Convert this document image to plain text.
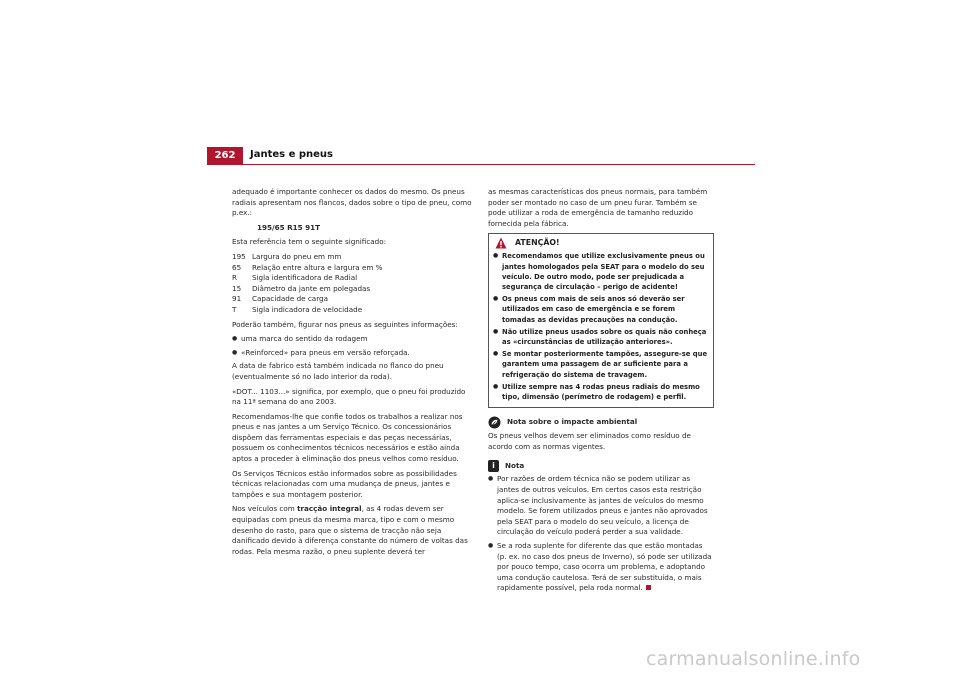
262	Jantes e pneus

adequado é importante conhecer os dados do mesmo. Os pneus radiais apresentam nos flancos, dados sobre o tipo de pneu, como p.ex.:

195/65 R15 91T

Esta referência tem o seguinte significado:

195 Largura do pneu em mm
65	Relação entre altura e largura em %
R	Sigla identificadora de Radial
15	Diâmetro da jante em polegadas
91	Capacidade de carga
T	Sigla indicadora de velocidade

Poderão também, figurar nos pneus as seguintes informações:

● uma marca do sentido da rodagem

● «Reinforced» para pneus em versão reforçada.

A data de fabrico está também indicada no flanco do pneu (eventualmente só no lado interior da roda).

«DOT... 1103...» significa, por exemplo, que o pneu foi produzido na 11ª semana do ano 2003.

Recomendamos-lhe que confie todos os trabalhos a realizar nos pneus e nas jantes a um Serviço Técnico. Os concessionários dispõem das ferramentas especiais e das peças necessárias, possuem os conhecimentos técnicos necessários e estão ainda aptos a proceder à eliminação dos pneus velhos como resíduo.

Os Serviços Técnicos estão informados sobre as possibilidades técnicas relacionadas com uma mudança de pneus, jantes e tampões e sua montagem posterior.

Nos veículos com tracção integral, as 4 rodas devem ser equipadas com pneus da mesma marca, tipo e com o mesmo desenho do rasto, para que o sistema de tracção não seja danificado devido à diferença constante do número de voltas das rodas. Pela mesma razão, o pneu suplente deverá ter

as mesmas características dos pneus normais, para também poder ser montado no caso de um pneu furar. Também se pode utilizar a roda de emergência de tamanho reduzido fornecida pela fábrica.

ATENÇÃO!

● Recomendamos que utilize exclusivamente pneus ou jantes homologados pela SEAT para o modelo do seu veículo. De outro modo, pode ser prejudicada a segurança de circulação – perigo de acidente!

● Os pneus com mais de seis anos só deverão ser utilizados em caso de emergência e se forem tomadas as devidas precauções na condução.

● Não utilize pneus usados sobre os quais não conheça as «circunstâncias de utilização anteriores».

● Se montar posteriormente tampões, assegure-se que garantem uma passagem de ar suficiente para a refrigeração do sistema de travagem.

● Utilize sempre nas 4 rodas pneus radiais do mesmo tipo, dimensão (perímetro de rodagem) e perfil.

Nota sobre o impacte ambiental

Os pneus velhos devem ser eliminados como resíduo de acordo com as normas vigentes.

i	Nota

● Por razões de ordem técnica não se podem utilizar as jantes de outros veículos. Em certos casos esta restrição aplica-se inclusivamente às jantes de veículos do mesmo modelo. Se forem utilizados pneus e jantes não aprovados pela SEAT para o modelo do seu veículo, a licença de circulação do veículo poderá perder a sua validade.

● Se a roda suplente for diferente das que estão montadas (p. ex. no caso dos pneus de Inverno), só pode ser utilizada por pouco tempo, caso ocorra um problema, e adoptando uma condução cautelosa. Terá de ser substituída, o mais rapidamente possível, pela roda normal.

carmanualsonline.info
